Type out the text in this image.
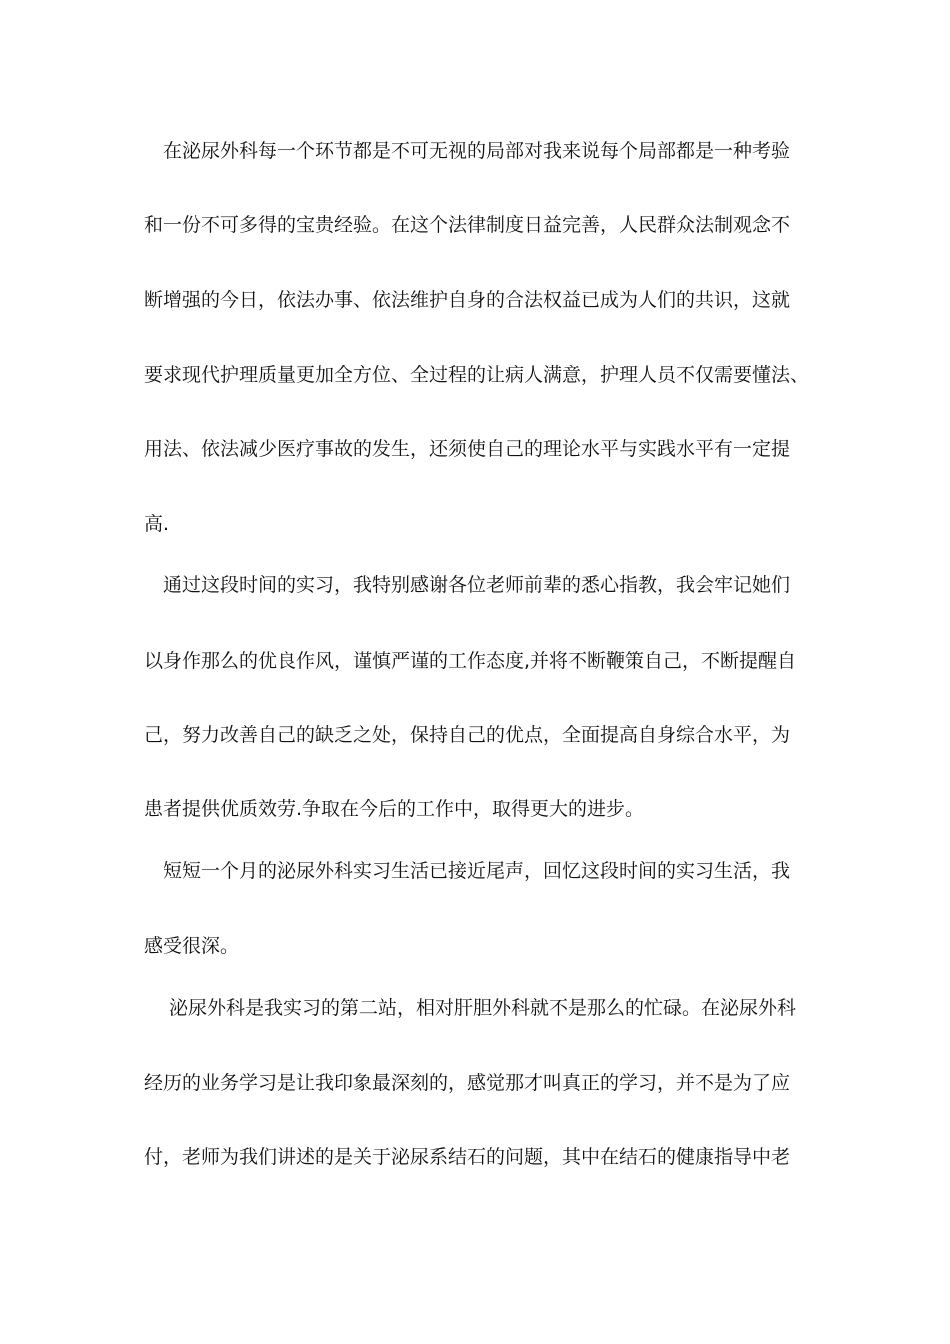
　在泌尿外科每一个环节都是不可无视的局部对我来说每个局部都是一种考验
和一份不可多得的宝贵经验。在这个法律制度日益完善，人民群众法制观念不
断增强的今日，依法办事、依法维护自身的合法权益已成为人们的共识，这就
要求现代护理质量更加全方位、全过程的让病人满意，护理人员不仅需要懂法、
用法、依法减少医疗事故的发生，还须使自己的理论水平与实践水平有一定提
高.
　通过这段时间的实习，我特别感谢各位老师前辈的悉心指教，我会牢记她们
以身作那么的优良作风，谨慎严谨的工作态度,并将不断鞭策自己，不断提醒自
己，努力改善自己的缺乏之处，保持自己的优点，全面提高自身综合水平，为
患者提供优质效劳.争取在今后的工作中，取得更大的进步。
　短短一个月的泌尿外科实习生活已接近尾声，回忆这段时间的实习生活，我
感受很深。
　 泌尿外科是我实习的第二站，相对肝胆外科就不是那么的忙碌。在泌尿外科
经历的业务学习是让我印象最深刻的，感觉那才叫真正的学习，并不是为了应
付，老师为我们讲述的是关于泌尿系结石的问题，其中在结石的健康指导中老
